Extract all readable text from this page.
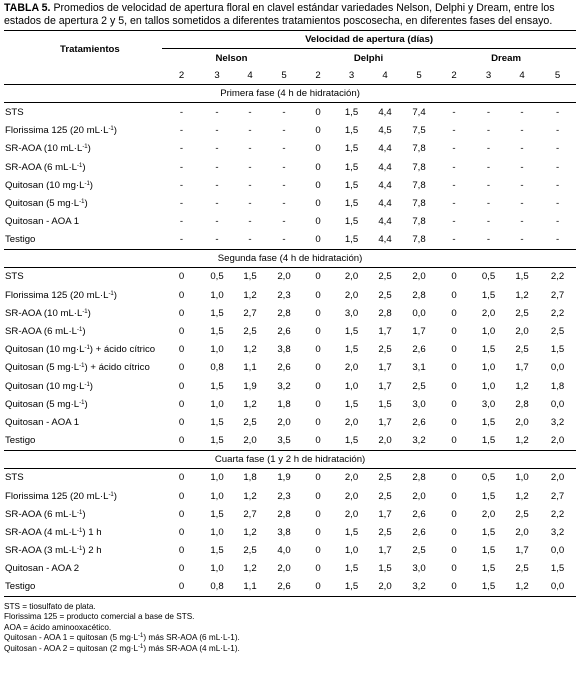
TABLA 5. Promedios de velocidad de apertura floral en clavel estándar variedades Nelson, Delphi y Dream, entre los estados de apertura 2 y 5, en tallos sometidos a diferentes tratamientos poscosecha, en diferentes fases del ensayo.
Tratamientos	Velocidad de apertura (días)											
	Nelson				Delphi				Dream			
	2	3	4	5	2	3	4	5	2	3	4	5
Primera fase (4 h de hidratación)												
STS	-	-	-	-	0	1,5	4,4	7,4	-	-	-	-
Florissima 125 (20 $mL\cdot L^{-1}$)	-	-	-	-	0	1,5	4,5	7,5	-	-	-	-
SR-AOA (10 $mL\cdot L^{-1}$)	-	-	-	-	0	1,5	4,4	7,8	-	-	-	-
SR-AOA (6 $mL\cdot L^{-1}$)	-	-	-	-	0	1,5	4,4	7,8	-	-	-	-
Quitosan (10 $mg\cdot L^{-1}$)	-	-	-	-	0	1,5	4,4	7,8	-	-	-	-
Quitosan (5 $mg\cdot L^{-1}$)	-	-	-	-	0	1,5	4,4	7,8	-	-	-	-
Quitosan - AOA 1	-	-	-	-	0	1,5	4,4	7,8	-	-	-	-
Testigo	-	-	-	-	0	1,5	4,4	7,8	-	-	-	-
Segunda fase (4 h de hidratación)												
STS	0	0,5	1,5	2,0	0	2,0	2,5	2,0	0	0,5	1,5	2,2
Florissima 125 (20 $mL\cdot L^{-1}$)	0	1,0	1,2	2,3	0	2,0	2,5	2,8	0	1,5	1,2	2,7
SR-AOA (10 $mL\cdot L^{-1}$)	0	1,5	2,7	2,8	0	3,0	2,8	0,0	0	2,0	2,5	2,2
SR-AOA (6 $mL\cdot L^{-1}$)	0	1,5	2,5	2,6	0	1,5	1,7	1,7	0	1,0	2,0	2,5
Quitosan (10 $mg\cdot L^{-1}$) + ácido cítrico	0	1,0	1,2	3,8	0	1,5	2,5	2,6	0	1,5	2,5	1,5
Quitosan (5 $mg\cdot L^{-1}$) + ácido cítrico	0	0,8	1,1	2,6	0	2,0	1,7	3,1	0	1,0	1,7	0,0
Quitosan (10 $mg\cdot L^{-1}$)	0	1,5	1,9	3,2	0	1,0	1,7	2,5	0	1,0	1,2	1,8
Quitosan (5 $mg\cdot L^{-1}$)	0	1,0	1,2	1,8	0	1,5	1,5	3,0	0	3,0	2,8	0,0
Quitosan - AOA 1	0	1,5	2,5	2,0	0	2,0	1,7	2,6	0	1,5	2,0	3,2
Testigo	0	1,5	2,0	3,5	0	1,5	2,0	3,2	0	1,5	1,2	2,0
Cuarta fase (1 y 2 h de hidratación)												
STS	0	1,0	1,8	1,9	0	2,0	2,5	2,8	0	0,5	1,0	2,0
Florissima 125 (20 $mL\cdot L^{-1}$)	0	1,0	1,2	2,3	0	2,0	2,5	2,0	0	1,5	1,2	2,7
SR-AOA (6 $mL\cdot L^{-1}$)	0	1,5	2,7	2,8	0	2,0	1,7	2,6	0	2,0	2,5	2,2
SR-AOA (4 $mL\cdot L^{-1}$) 1 h	0	1,0	1,2	3,8	0	1,5	2,5	2,6	0	1,5	2,0	3,2
SR-AOA (3 $mL\cdot L^{-1}$) 2 h	0	1,5	2,5	4,0	0	1,0	1,7	2,5	0	1,5	1,7	0,0
Quitosan - AOA 2	0	1,0	1,2	2,0	0	1,5	1,5	3,0	0	1,5	2,5	1,5
Testigo	0	0,8	1,1	2,6	0	1,5	2,0	3,2	0	1,5	1,2	0,0
STS = tiosulfato de plata.
Florissima 125 = producto comercial a base de STS.
AOA = ácido aminooxacético.
Quitosan - AOA 1 = quitosan (5 $mg\cdot L^{-1}$) más SR-AOA (6 mL·L-1).
Quitosan - AOA 2 = quitosan (2 $mg\cdot L^{-1}$) más SR-AOA (4 mL·L-1).
